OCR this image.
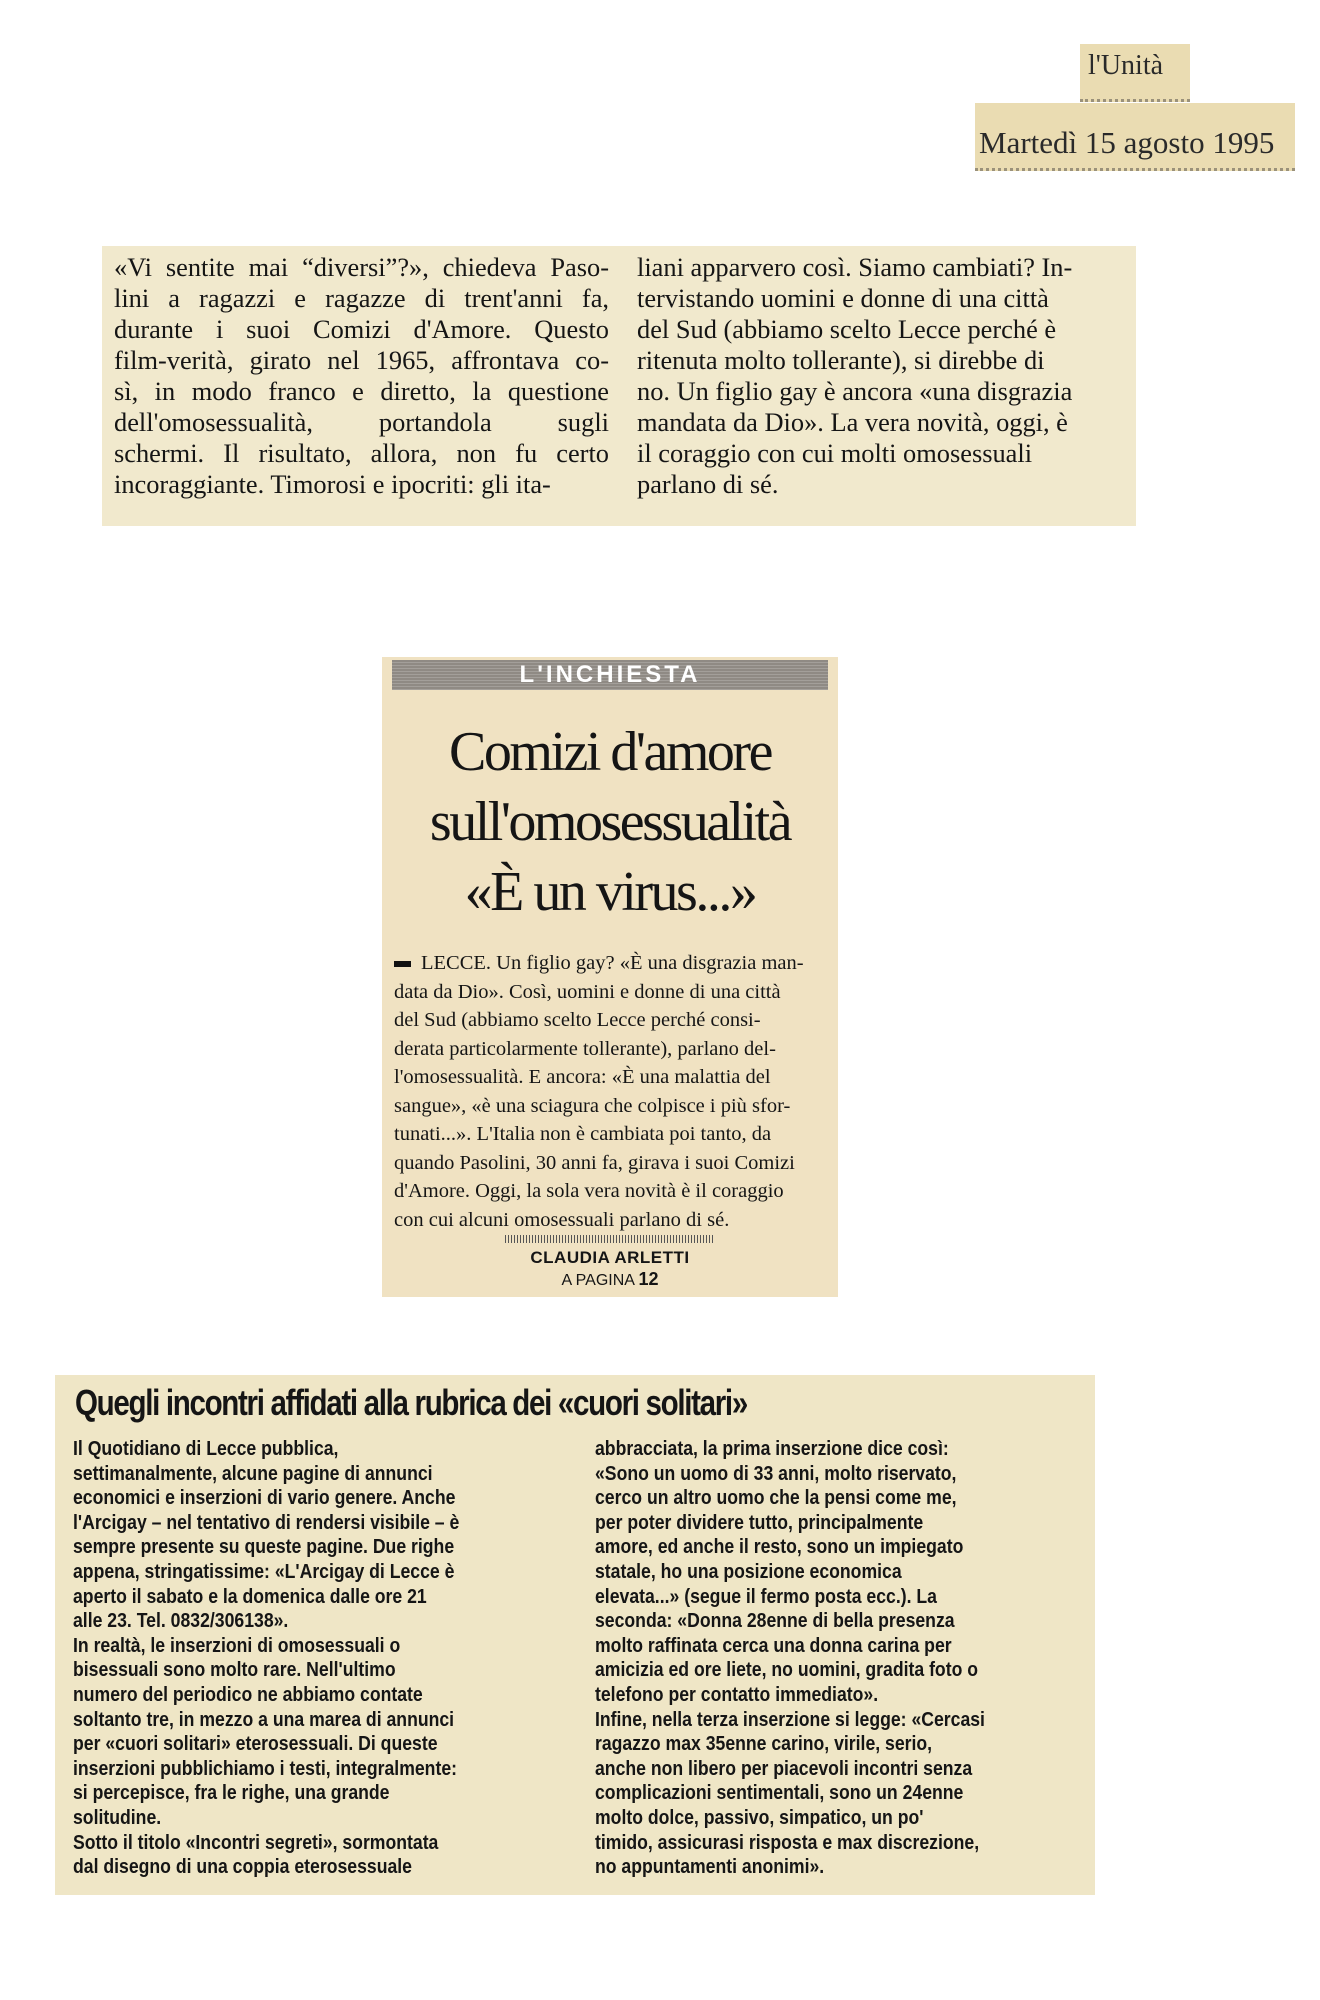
l'Unità
Martedì 15 agosto 1995
«Vi sentite mai “diversi”?», chiedeva Paso-
lini a ragazzi e ragazze di trent'anni fa,
durante i suoi Comizi d'Amore. Questo
film-verità, girato nel 1965, affrontava co-
sì, in modo franco e diretto, la questione
dell'omosessualità, portandola sugli
schermi. Il risultato, allora, non fu certo
incoraggiante. Timorosi e ipocriti: gli ita-
liani apparvero così. Siamo cambiati? In-
tervistando uomini e donne di una città
del Sud (abbiamo scelto Lecce perché è
ritenuta molto tollerante), si direbbe di
no. Un figlio gay è ancora «una disgrazia
mandata da Dio». La vera novità, oggi, è
il coraggio con cui molti omosessuali
parlano di sé.
L'INCHIESTA
Comizi d'amore
sull'omosessualità
«È un virus...»
LECCE. Un figlio gay? «È una disgrazia man-
data da Dio». Così, uomini e donne di una città
del Sud (abbiamo scelto Lecce perché consi-
derata particolarmente tollerante), parlano del-
l'omosessualità. E ancora: «È una malattia del
sangue», «è una sciagura che colpisce i più sfor-
tunati...». L'Italia non è cambiata poi tanto, da
quando Pasolini, 30 anni fa, girava i suoi Comizi
d'Amore. Oggi, la sola vera novità è il coraggio
con cui alcuni omosessuali parlano di sé.
CLAUDIA ARLETTI
A PAGINA 12
Quegli incontri affidati alla rubrica dei «cuori solitari»
Il Quotidiano di Lecce pubblica,
settimanalmente, alcune pagine di annunci
economici e inserzioni di vario genere. Anche
l'Arcigay – nel tentativo di rendersi visibile – è
sempre presente su queste pagine. Due righe
appena, stringatissime: «L'Arcigay di Lecce è
aperto il sabato e la domenica dalle ore 21
alle 23. Tel. 0832/306138».
In realtà, le inserzioni di omosessuali o
bisessuali sono molto rare. Nell'ultimo
numero del periodico ne abbiamo contate
soltanto tre, in mezzo a una marea di annunci
per «cuori solitari» eterosessuali. Di queste
inserzioni pubblichiamo i testi, integralmente:
si percepisce, fra le righe, una grande
solitudine.
Sotto il titolo «Incontri segreti», sormontata
dal disegno di una coppia eterosessuale
abbracciata, la prima inserzione dice così:
«Sono un uomo di 33 anni, molto riservato,
cerco un altro uomo che la pensi come me,
per poter dividere tutto, principalmente
amore, ed anche il resto, sono un impiegato
statale, ho una posizione economica
elevata...» (segue il fermo posta ecc.). La
seconda: «Donna 28enne di bella presenza
molto raffinata cerca una donna carina per
amicizia ed ore liete, no uomini, gradita foto o
telefono per contatto immediato».
Infine, nella terza inserzione si legge: «Cercasi
ragazzo max 35enne carino, virile, serio,
anche non libero per piacevoli incontri senza
complicazioni sentimentali, sono un 24enne
molto dolce, passivo, simpatico, un po'
timido, assicurasi risposta e max discrezione,
no appuntamenti anonimi».
